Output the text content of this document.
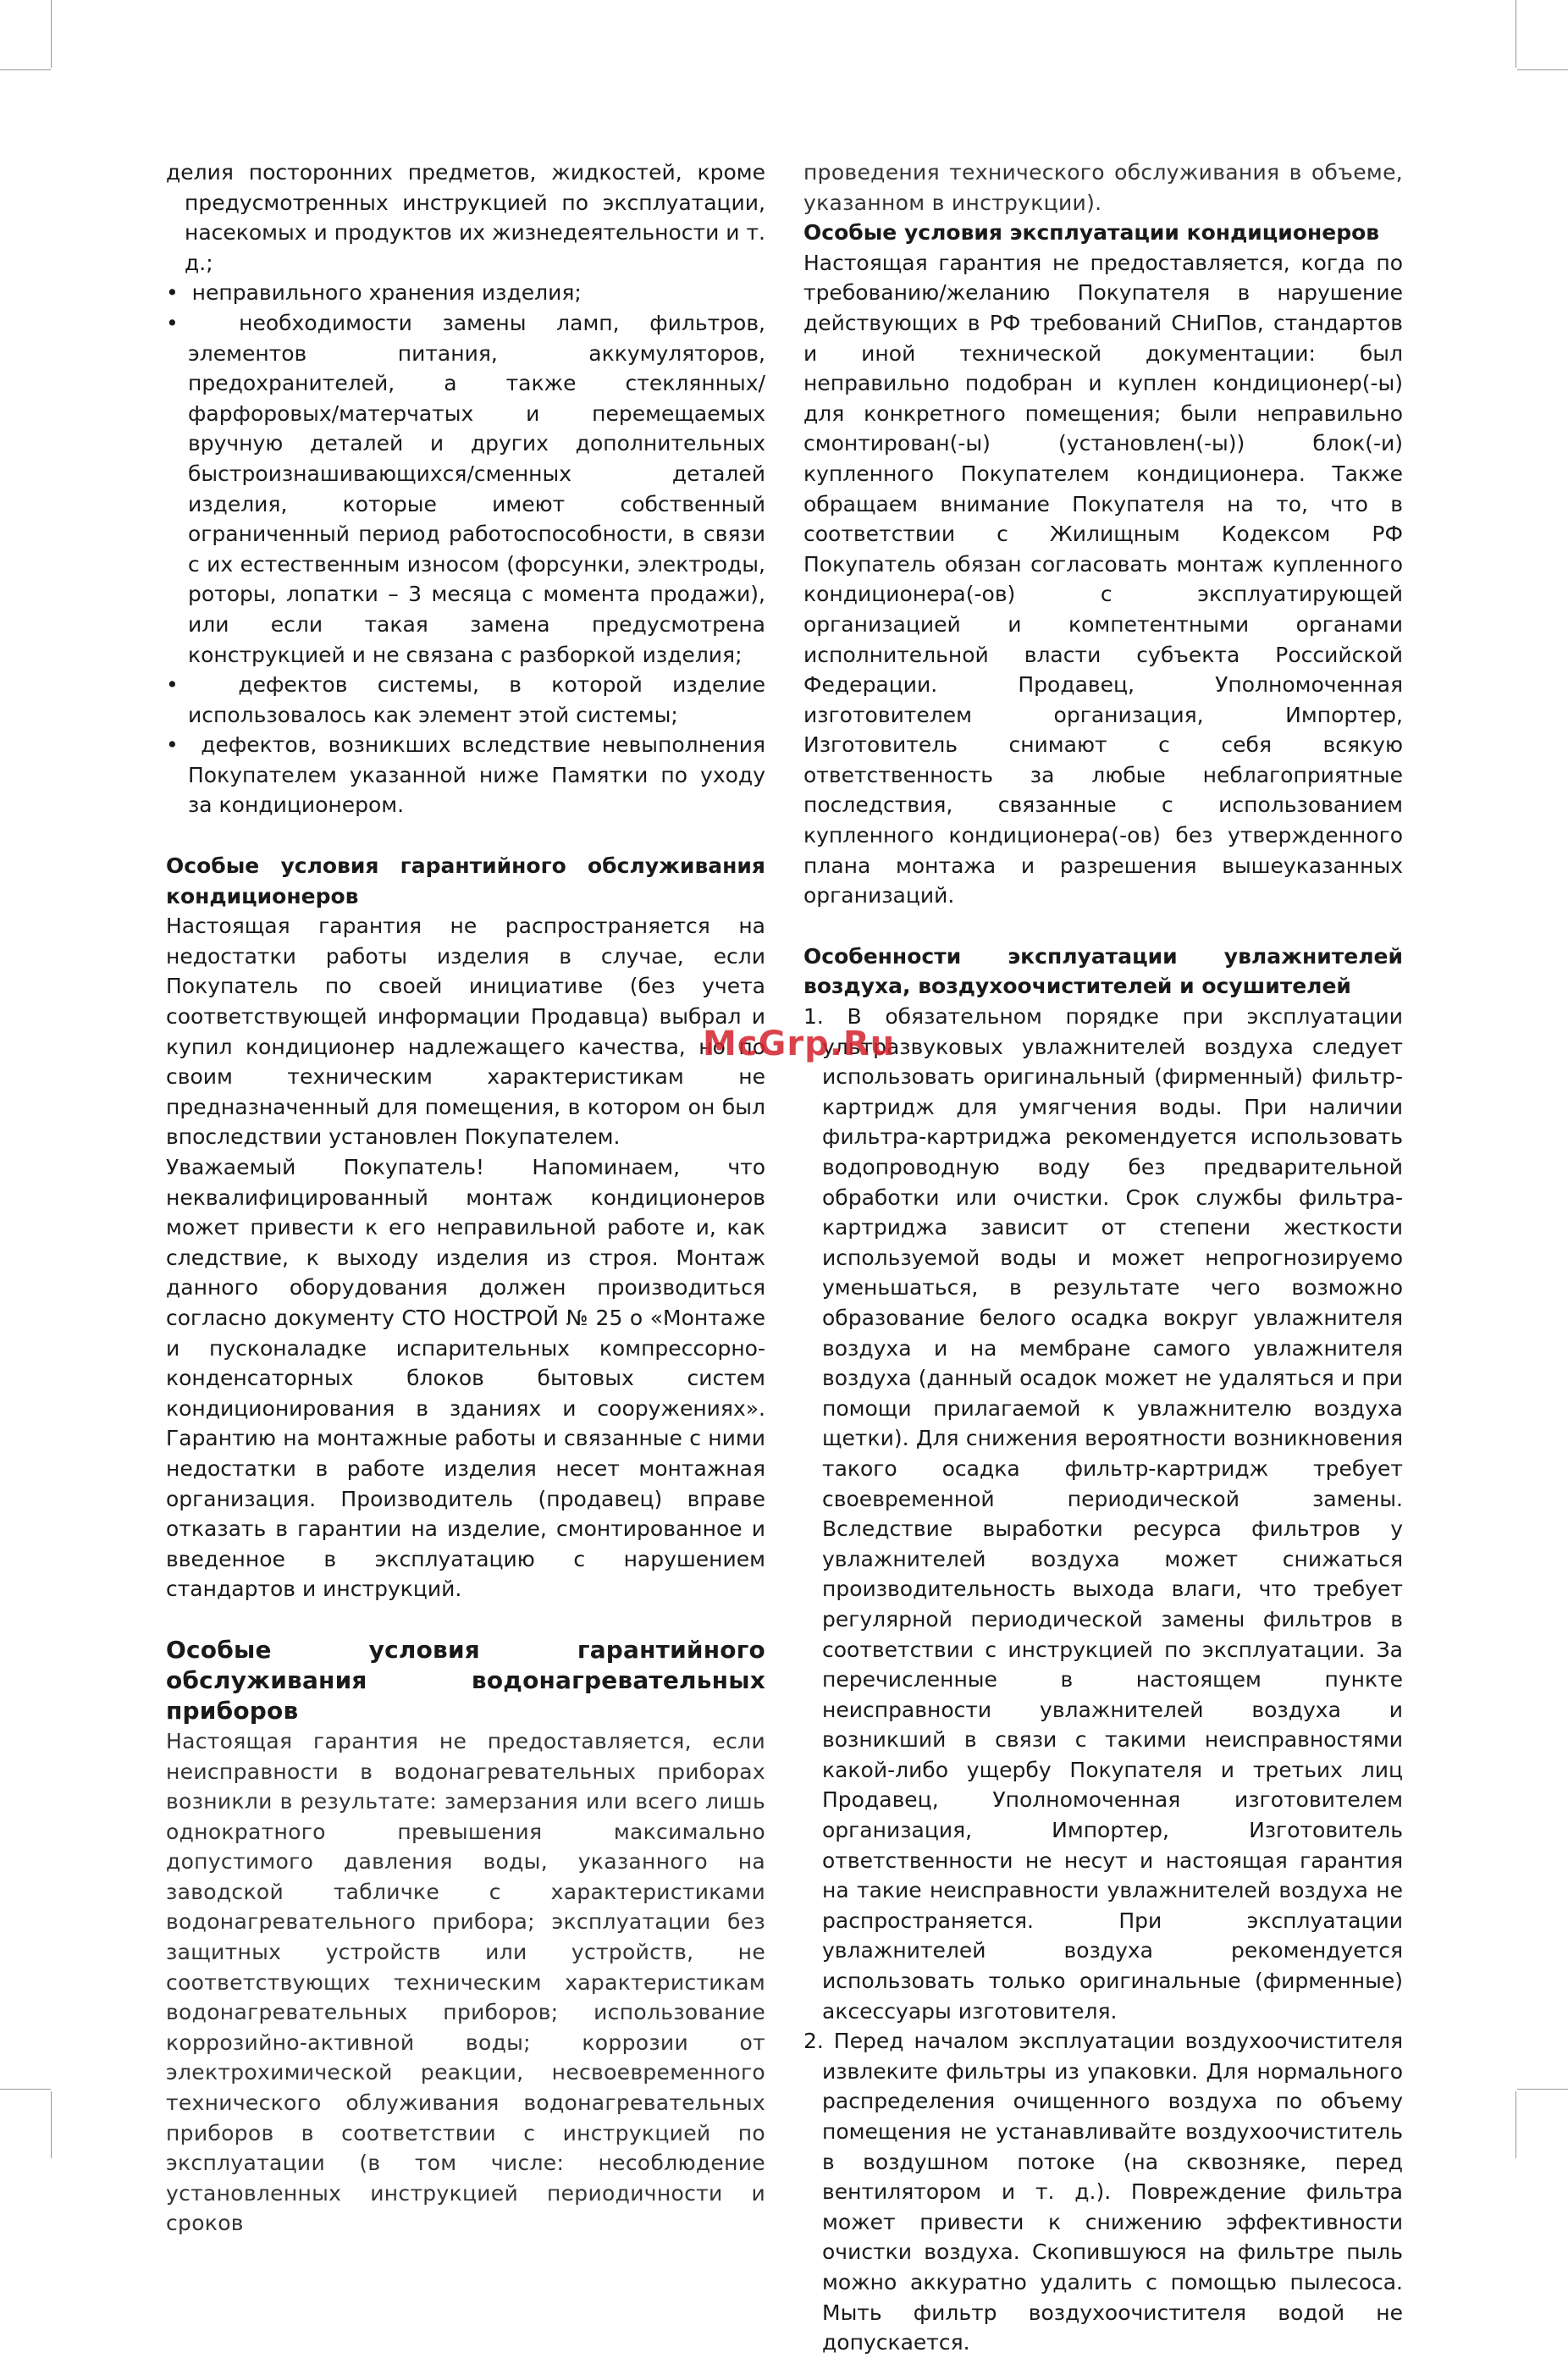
делия посторонних предметов, жидкостей, кроме предусмотренных инструкцией по эксплуатации, насекомых и продуктов их жизнедеятельности и т. д.;

•  неправильного хранения изделия;

•  необходимости замены ламп, фильтров, элементов питания, аккумуляторов, предохранителей, а также стеклянных/фарфоровых/матерчатых и перемещаемых вручную деталей и других дополнительных быстроизнашивающихся/сменных деталей изделия, которые имеют собственный ограниченный период работоспособности, в связи с их естественным износом (форсунки, электроды, роторы, лопатки – 3 месяца с момента продажи), или если такая замена предусмотрена конструкцией и не связана с разборкой изделия;

•  дефектов системы, в которой изделие использовалось как элемент этой системы;

•  дефектов, возникших вследствие невыполнения Покупателем указанной ниже Памятки по уходу за кондиционером.

Особые условия гарантийного обслуживания кондиционеров

Настоящая гарантия не распространяется на недостатки работы изделия в случае, если Покупатель по своей инициативе (без учета соответствующей информации Продавца) выбрал и купил кондиционер надлежащего качества, но по своим техническим характеристикам не предназначенный для помещения, в котором он был впоследствии установлен Покупателем.

Уважаемый Покупатель! Напоминаем, что неквалифицированный монтаж кондиционеров может привести к его неправильной работе и, как следствие, к выходу изделия из строя. Монтаж данного оборудования должен производиться согласно документу СТО НОСТРОЙ № 25 о «Монтаже и пусконаладке испарительных компрессорно-конденсаторных блоков бытовых систем кондиционирования в зданиях и сооружениях». Гарантию на монтажные работы и связанные с ними недостатки в работе изделия несет монтажная организация. Производитель (продавец) вправе отказать в гарантии на изделие, смонтированное и введенное в эксплуатацию с нарушением стандартов и инструкций.

Особые условия гарантийного обслуживания водонагревательных приборов

Настоящая гарантия не предоставляется, если неисправности в водонагревательных приборах возникли в результате: замерзания или всего лишь однократного превышения максимально допустимого давления воды, указанного на заводской табличке с характеристиками водонагревательного прибора; эксплуатации без защитных устройств или устройств, не соответствующих техническим характеристикам водонагревательных приборов; использование коррозийно-активной воды; коррозии от электрохимической реакции, несвоевременного технического облуживания водонагревательных приборов в соответствии с инструкцией по эксплуатации (в том числе: несоблюдение установленных инструкцией периодичности и сроков

проведения технического обслуживания в объеме, указанном в инструкции).

Особые условия эксплуатации кондиционеров

Настоящая гарантия не предоставляется, когда по требованию/желанию Покупателя в нарушение действующих в РФ требований СНиПов, стандартов и иной технической документации: был неправильно подобран и куплен кондиционер(-ы) для конкретного помещения; были неправильно смонтирован(-ы) (установлен(-ы)) блок(-и) купленного Покупателем кондиционера. Также обращаем внимание Покупателя на то, что в соответствии с Жилищным Кодексом РФ Покупатель обязан согласовать монтаж купленного кондиционера(-ов) с эксплуатирующей организацией и компетентными органами исполнительной власти субъекта Российской Федерации. Продавец, Уполномоченная изготовителем организация, Импортер, Изготовитель снимают с себя всякую ответственность за любые неблагоприятные последствия, связанные с использованием купленного кондиционера(-ов) без утвержденного плана монтажа и разрешения вышеуказанных организаций.

Особенности эксплуатации увлажнителей воздуха, воздухоочистителей и осушителей

1. В обязательном порядке при эксплуатации ультразвуковых увлажнителей воздуха следует использовать оригинальный (фирменный) фильтр-картридж для умягчения воды. При наличии фильтра-картриджа рекомендуется использовать водопроводную воду без предварительной обработки или очистки. Срок службы фильтра-картриджа зависит от степени жесткости используемой воды и может непрогнозируемо уменьшаться, в результате чего возможно образование белого осадка вокруг увлажнителя воздуха и на мембране самого увлажнителя воздуха (данный осадок может не удаляться и при помощи прилагаемой к увлажнителю воздуха щетки). Для снижения вероятности возникновения такого осадка фильтр-картридж требует своевременной периодической замены. Вследствие выработки ресурса фильтров у увлажнителей воздуха может снижаться производительность выхода влаги, что требует регулярной периодической замены фильтров в соответствии с инструкцией по эксплуатации. За перечисленные в настоящем пункте неисправности увлажнителей воздуха и возникший в связи с такими неисправностями какой-либо ущербу Покупателя и третьих лиц Продавец, Уполномоченная изготовителем организация, Импортер, Изготовитель ответственности не несут и настоящая гарантия на такие неисправности увлажнителей воздуха не распространяется. При эксплуатации увлажнителей воздуха рекомендуется использовать только оригинальные (фирменные) аксессуары изготовителя.

2. Перед началом эксплуатации воздухоочистителя извлеките фильтры из упаковки. Для нормального распределения очищенного воздуха по объему помещения не устанавливайте воздухоочиститель в воздушном потоке (на сквозняке, перед вентилятором и т. д.). Повреждение фильтра может привести к снижению эффективности очистки воздуха. Скопившуюся на фильтре пыль можно аккуратно удалить с помощью пылесоса. Мыть фильтр воздухоочистителя водой не допускается.

McGrp.Ru
